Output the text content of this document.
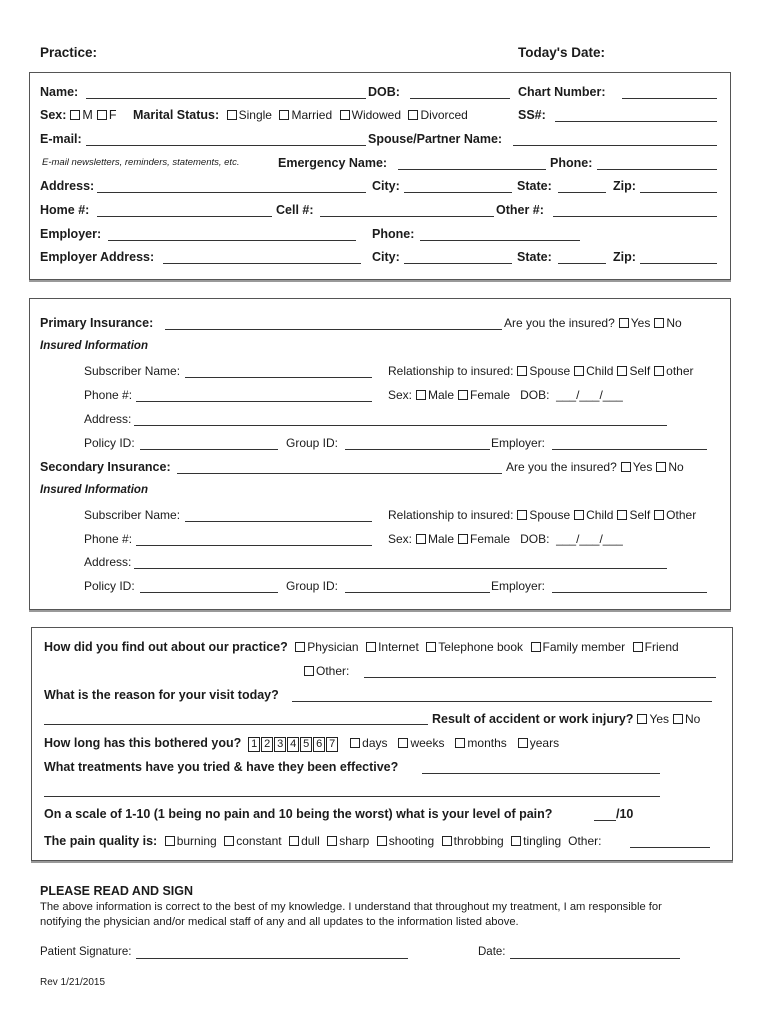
Practice:	Today's Date:
Name:	DOB:	Chart Number:
Sex: M F Marital Status: Single Married Widowed Divorced	SS#:
E-mail:	Spouse/Partner Name:
E-mail newsletters, reminders, statements, etc.	Emergency Name:	Phone:
Address:	City:	State:	Zip:
Home #:	Cell #:	Other #:
Employer:	Phone:
Employer Address:	City:	State:	Zip:
Primary Insurance:	Are you the insured? Yes No
Insured Information
Subscriber Name:	Relationship to insured: Spouse Child Self other
Phone #:	Sex: Male Female DOB: ___/___/___
Address:
Policy ID:	Group ID:	Employer:
Secondary Insurance:	Are you the insured? Yes No
Insured Information
Subscriber Name:	Relationship to insured: Spouse Child Self Other
Phone #:	Sex: Male Female DOB: ___/___/___
Address:
Policy ID:	Group ID:	Employer:
How did you find out about our practice? Physician Internet Telephone book Family member Friend
Other:
What is the reason for your visit today?
Result of accident or work injury? Yes No
How long has this bothered you? 1 2 3 4 5 6 7 days weeks months years
What treatments have you tried & have they been effective?
On a scale of 1-10 (1 being no pain and 10 being the worst) what is your level of pain?	/10
The pain quality is: burning constant dull sharp shooting throbbing tingling Other:
PLEASE READ AND SIGN
The above information is correct to the best of my knowledge. I understand that throughout my treatment, I am responsible for
notifying the physician and/or medical staff of any and all updates to the information listed above.
Patient Signature:	Date:
Rev 1/21/2015
